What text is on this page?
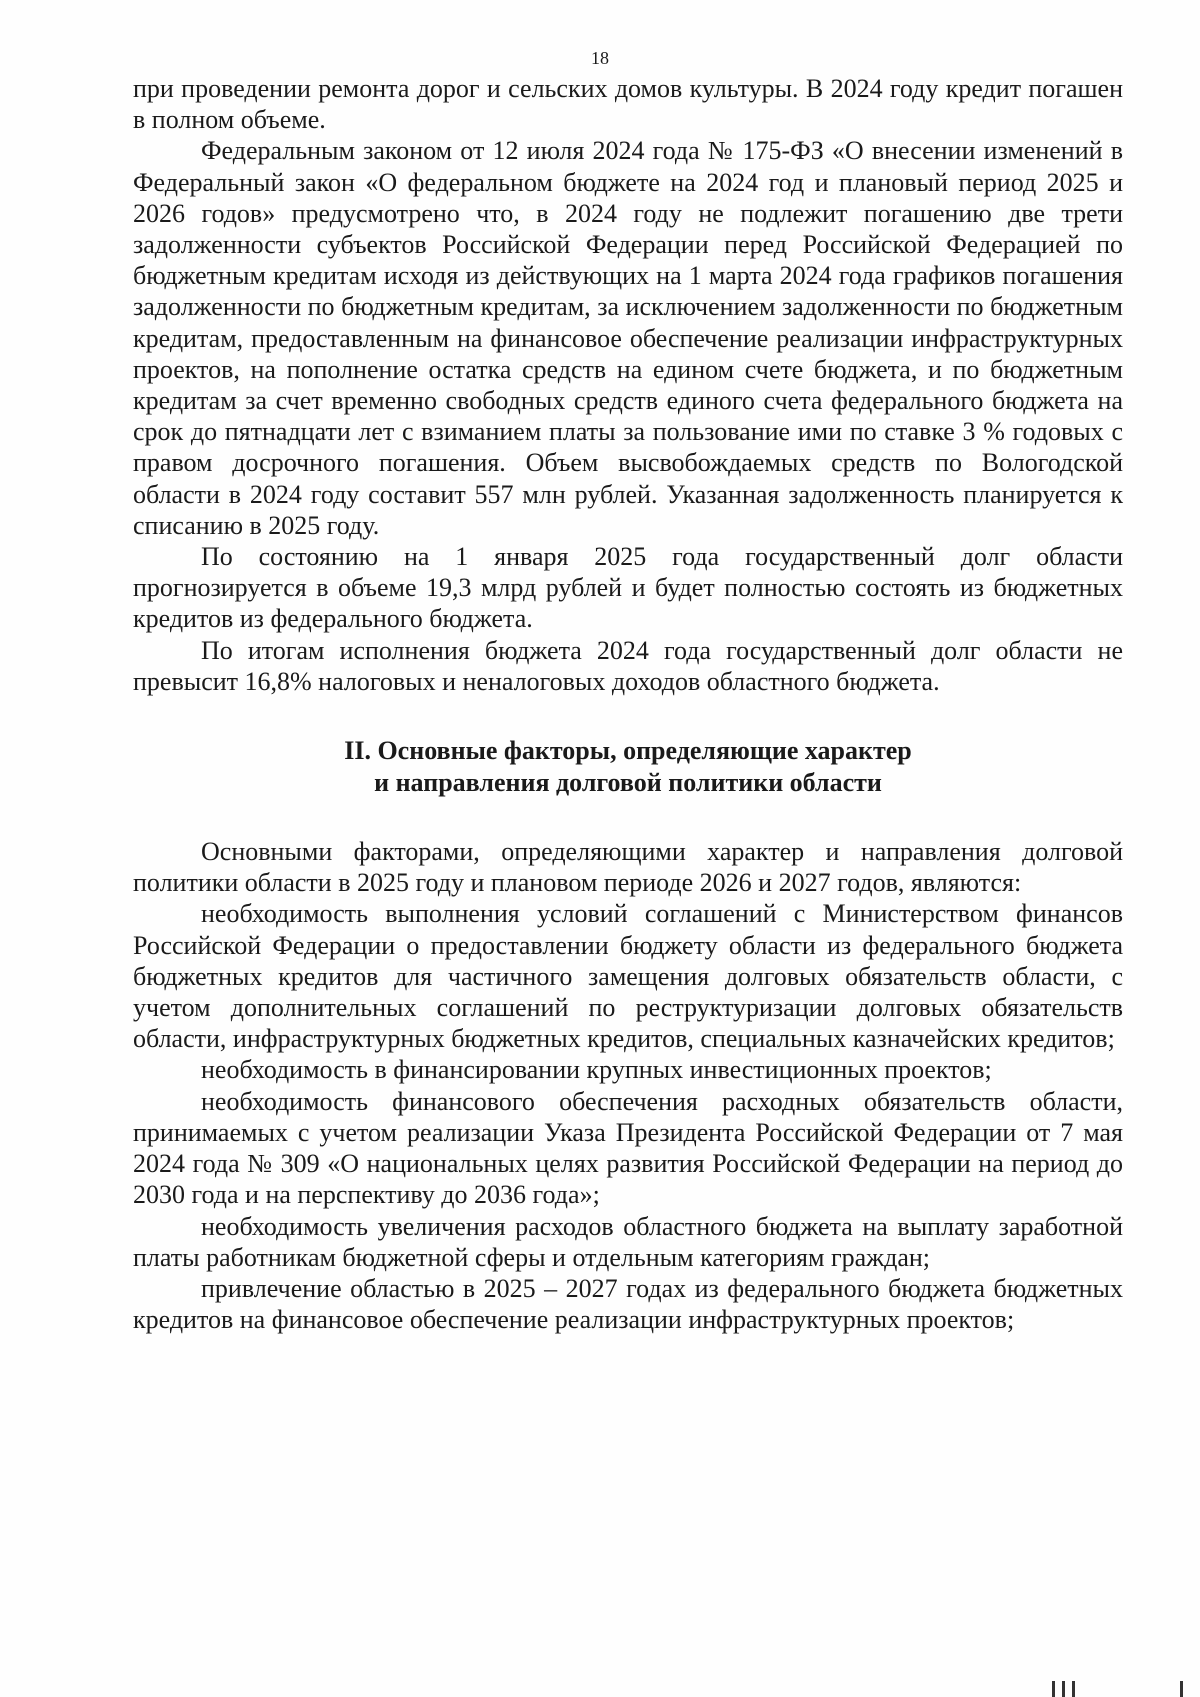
18

при проведении ремонта дорог и сельских домов культуры. В 2024 году кредит погашен в полном объеме.

Федеральным законом от 12 июля 2024 года № 175-ФЗ «О внесении изменений в Федеральный закон «О федеральном бюджете на 2024 год и плановый период 2025 и 2026 годов» предусмотрено что, в 2024 году не подлежит погашению две трети задолженности субъектов Российской Федерации перед Российской Федерацией по бюджетным кредитам исходя из действующих на 1 марта 2024 года графиков погашения задолженности по бюджетным кредитам, за исключением задолженности по бюджетным кредитам, предоставленным на финансовое обеспечение реализации инфраструктурных проектов, на пополнение остатка средств на едином счете бюджета, и по бюджетным кредитам за счет временно свободных средств единого счета федерального бюджета на срок до пятнадцати лет с взиманием платы за пользование ими по ставке 3 % годовых с правом досрочного погашения. Объем высвобождаемых средств по Вологодской области в 2024 году составит 557 млн рублей. Указанная задолженность планируется к списанию в 2025 году.

По состоянию на 1 января 2025 года государственный долг области прогнозируется в объеме 19,3 млрд рублей и будет полностью состоять из бюджетных кредитов из федерального бюджета.

По итогам исполнения бюджета 2024 года государственный долг области не превысит 16,8% налоговых и неналоговых доходов областного бюджета.

II. Основные факторы, определяющие характер
и направления долговой политики области

Основными факторами, определяющими характер и направления долговой политики области в 2025 году и плановом периоде 2026 и 2027 годов, являются:

необходимость выполнения условий соглашений с Министерством финансов Российской Федерации о предоставлении бюджету области из федерального бюджета бюджетных кредитов для частичного замещения долговых обязательств области, с учетом дополнительных соглашений по реструктуризации долговых обязательств области, инфраструктурных бюджетных кредитов, специальных казначейских кредитов;

необходимость в финансировании крупных инвестиционных проектов;

необходимость финансового обеспечения расходных обязательств области, принимаемых с учетом реализации Указа Президента Российской Федерации от 7 мая 2024 года № 309 «О национальных целях развития Российской Федерации на период до 2030 года и на перспективу до 2036 года»;

необходимость увеличения расходов областного бюджета на выплату заработной платы работникам бюджетной сферы и отдельным категориям граждан;

привлечение областью в 2025 – 2027 годах из федерального бюджета бюджетных кредитов на финансовое обеспечение реализации инфраструктурных проектов;
